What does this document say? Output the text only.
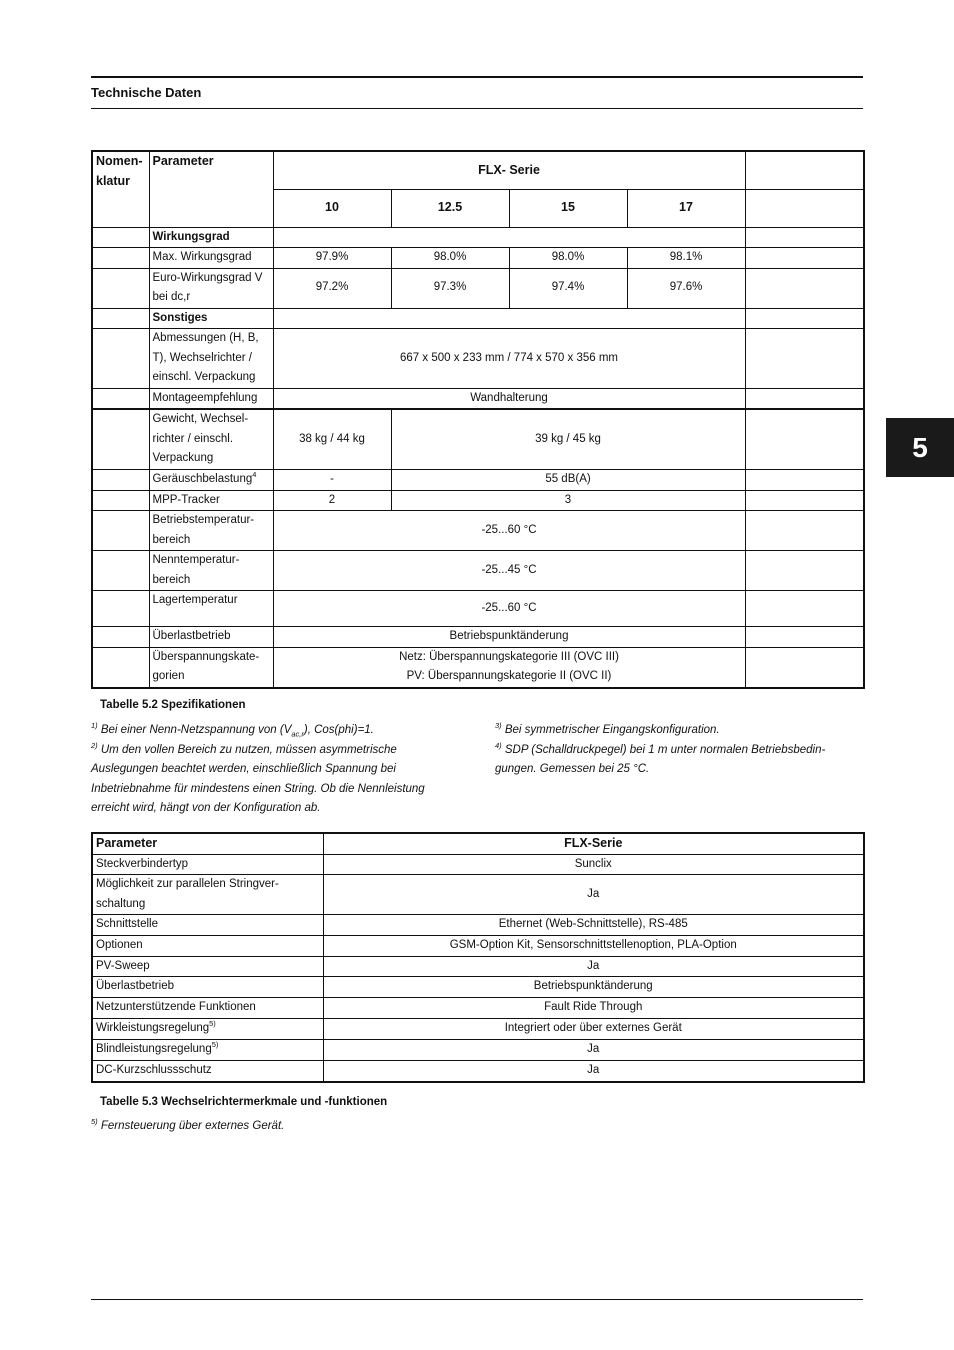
Technische Daten
5
Nomen-
klatur	Parameter	FLX- Serie				
		10	12.5	15	17	
	Wirkungsgrad					
	Max. Wirkungsgrad	97.9%	98.0%	98.0%	98.1%	
	Euro-Wirkungsgrad V bei dc,r	97.2%	97.3%	97.4%	97.6%	
	Sonstiges					
	Abmessungen (H, B, T), Wechselrichter / einschl. Verpackung	667 x 500 x 233 mm / 774 x 570 x 356 mm				
	Montageempfehlung	Wandhalterung				
	Gewicht, Wechsel-richter / einschl. Verpackung	38 kg / 44 kg	39 kg / 45 kg			
	Geräuschbelastung$^4$	-	55 dB(A)			
	MPP-Tracker	2	3			
	Betriebstemperatur-bereich	-25...60 °C				
	Nenntemperatur-bereich	-25...45 °C				
	Lagertemperatur	-25...60 °C				
	Überlastbetrieb	Betriebspunktänderung				
	Überspannungskate-gorien	Netz: Überspannungskategorie III (OVC III)
PV: Überspannungskategorie II (OVC II)				

Tabelle 5.2 Spezifikationen

$^{1)}$ Bei einer Nenn-Netzspannung von $(V_{ac,r})$, Cos(phi)=1.

$^{2)}$ Um den vollen Bereich zu nutzen, müssen asymmetrische Auslegungen beachtet werden, einschließlich Spannung bei Inbetriebnahme für mindestens einen String. Ob die Nennleistung erreicht wird, hängt von der Konfiguration ab.

$^{3)}$ Bei symmetrischer Eingangskonfiguration.

$^{4)}$ SDP (Schalldruckpegel) bei 1 m unter normalen Betriebsbedin-gungen. Gemessen bei 25 °C.

Parameter	FLX-Serie
Steckverbindertyp	Sunclix
Möglichkeit zur parallelen Stringver-schaltung	Ja
Schnittstelle	Ethernet (Web-Schnittstelle), RS-485
Optionen	GSM-Option Kit, Sensorschnittstellenoption, PLA-Option
PV-Sweep	Ja
Überlastbetrieb	Betriebspunktänderung
Netzunterstützende Funktionen	Fault Ride Through
Wirkleistungsregelung$^{5)}$	Integriert oder über externes Gerät
Blindleistungsregelung$^{5)}$	Ja
DC-Kurzschlussschutz	Ja
Tabelle 5.3 Wechselrichtermerkmale und -funktionen

$^{5)}$ Fernsteuerung über externes Gerät.
